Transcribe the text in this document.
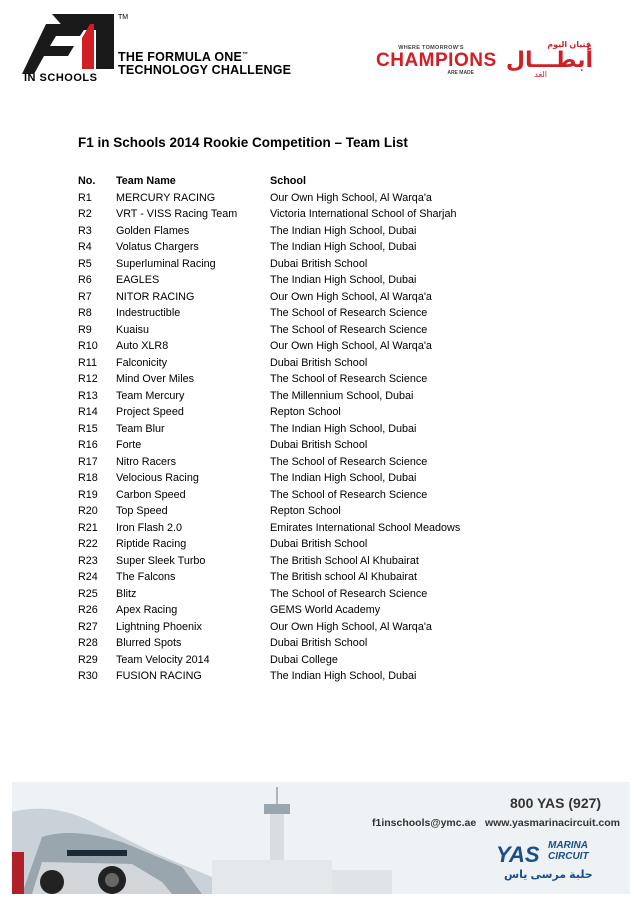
TM
IN SCHOOLS
THE FORMULA ONE™
TECHNOLOGY CHALLENGE
WHERE TOMORROW'S
CHAMPIONS
ARE MADE
فتيان اليوم
أبطـــال
الغد
F1 in Schools 2014 Rookie Competition – Team List
No.	Team Name	School
R1	MERCURY RACING	Our Own High School, Al Warqa'a
R2	VRT - VISS Racing Team	Victoria International School of Sharjah
R3	Golden Flames	The Indian High School, Dubai
R4	Volatus Chargers	The Indian High School, Dubai
R5	Superluminal Racing	Dubai British School
R6	EAGLES	The Indian High School, Dubai
R7	NITOR RACING	Our Own High School, Al Warqa'a
R8	Indestructible	The School of Research Science
R9	Kuaisu	The School of Research Science
R10	Auto XLR8	Our Own High School, Al Warqa'a
R11	Falconicity	Dubai British School
R12	Mind Over Miles	The School of Research Science
R13	Team Mercury	The Millennium School, Dubai
R14	Project Speed	Repton School
R15	Team Blur	The Indian High School, Dubai
R16	Forte	Dubai British School
R17	Nitro Racers	The School of Research Science
R18	Velocious Racing	The Indian High School, Dubai
R19	Carbon Speed	The School of Research Science
R20	Top Speed	Repton School
R21	Iron Flash 2.0	Emirates International School Meadows
R22	Riptide Racing	Dubai British School
R23	Super Sleek Turbo	The British School Al Khubairat
R24	The Falcons	The British school Al Khubairat
R25	Blitz	The School of Research Science
R26	Apex Racing	GEMS World Academy
R27	Lightning Phoenix	Our Own High School, Al Warqa'a
R28	Blurred Spots	Dubai British School
R29	Team Velocity 2014	Dubai College
R30	FUSION RACING	The Indian High School, Dubai
800 YAS (927)
f1inschools@ymc.ae www.yasmarinacircuit.com
YAS MARINA
CIRCUIT
حلبة مرسى ياس
